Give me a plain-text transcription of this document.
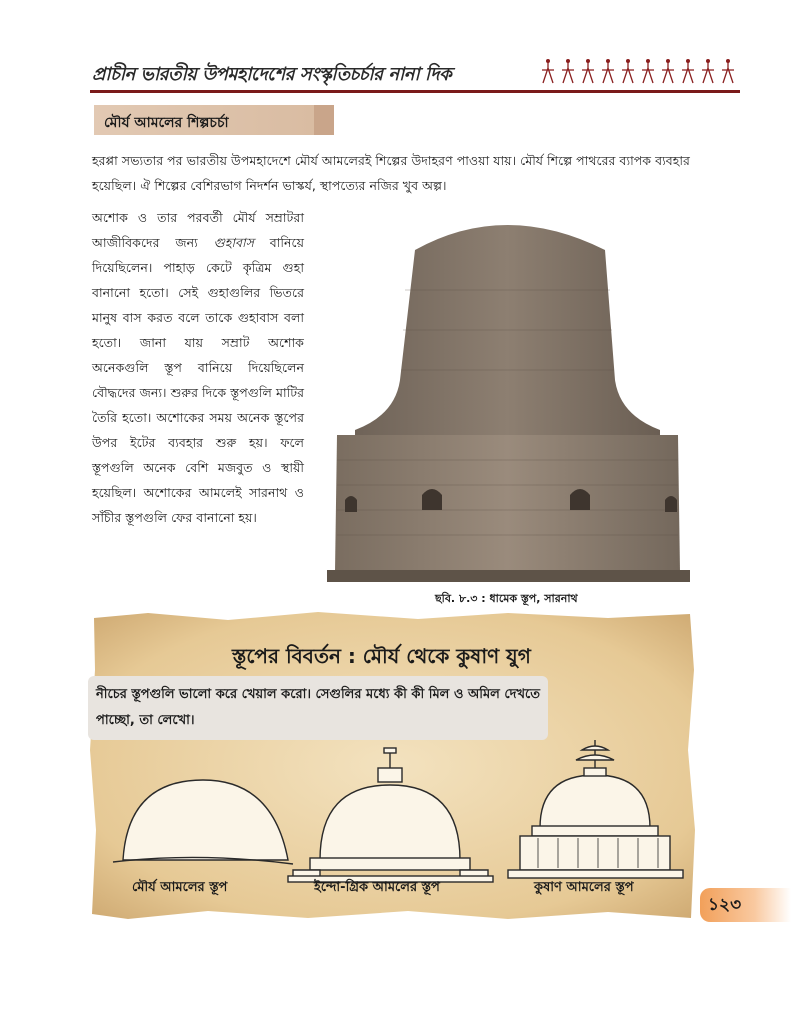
প্রাচীন ভারতীয় উপমহাদেশের সংস্কৃতিচর্চার নানা দিক
মৌর্য আমলের শিল্পচর্চা
হরপ্পা সভ্যতার পর ভারতীয় উপমহাদেশে মৌর্য আমলেরই শিল্পের উদাহরণ পাওয়া যায়। মৌর্য শিল্পে পাথরের ব্যাপক ব্যবহার হয়েছিল। ঐ শিল্পের বেশিরভাগ নিদর্শন ভাস্কর্য, স্থাপত্যের নজির খুব অল্প।
অশোক ও তার পরবর্তী মৌর্য সম্রাটরা আজীবিকদের জন্য গুহাবাস বানিয়ে দিয়েছিলেন। পাহাড় কেটে কৃত্রিম গুহা বানানো হতো। সেই গুহাগুলির ভিতরে মানুষ বাস করত বলে তাকে গুহাবাস বলা হতো। জানা যায় সম্রাট অশোক অনেকগুলি স্তূপ বানিয়ে দিয়েছিলেন বৌদ্ধদের জন্য। শুরুর দিকে স্তূপগুলি মাটির তৈরি হতো। অশোকের সময় অনেক স্তূপের উপর ইটের ব্যবহার শুরু হয়। ফলে স্তূপগুলি অনেক বেশি মজবুত ও স্থায়ী হয়েছিল। অশোকের আমলেই সারনাথ ও সাঁচীর স্তূপগুলি ফের বানানো হয়।
ছবি. ৮.৩ : ধামেক স্তূপ, সারনাথ
স্তূপের বিবর্তন : মৌর্য থেকে কুষাণ যুগ
নীচের স্তূপগুলি ভালো করে খেয়াল করো। সেগুলির মধ্যে কী কী মিল ও অমিল দেখতে পাচ্ছো, তা লেখো।
মৌর্য আমলের স্তূপ	ইন্দো-গ্রিক আমলের স্তূপ	কুষাণ আমলের স্তূপ
১২৩
